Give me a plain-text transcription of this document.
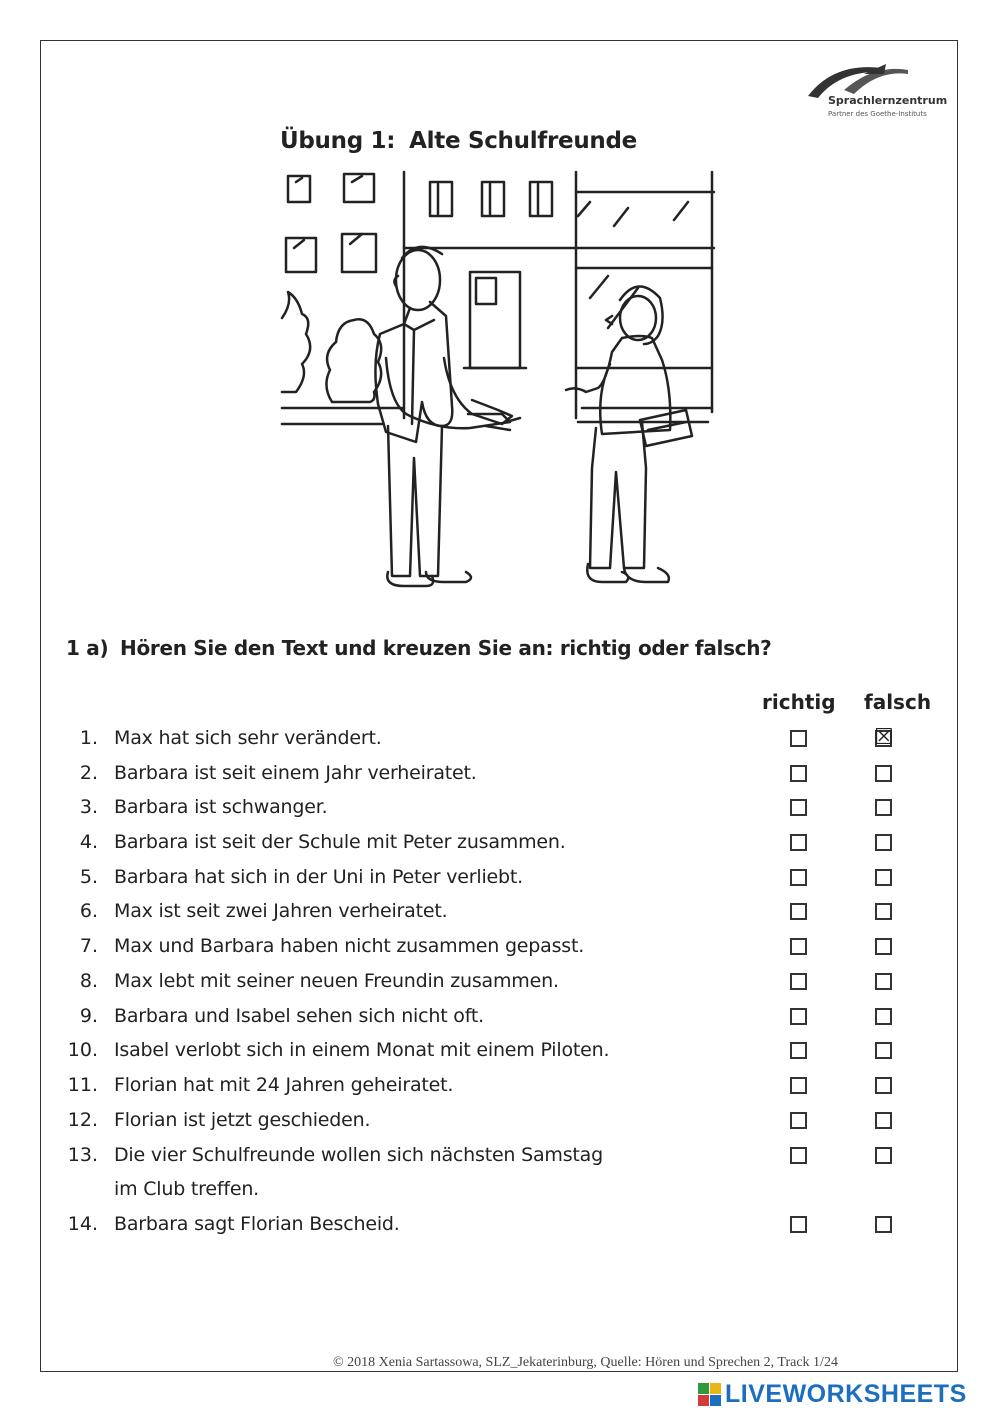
Sprachlernzentrum
Partner des Goethe-Instituts
Übung 1: Alte Schulfreunde
1 a) Hören Sie den Text und kreuzen Sie an: richtig oder falsch?
richtig falsch
1. Max hat sich sehr verändert.	☒
2. Barbara ist seit einem Jahr verheiratet.
3. Barbara ist schwanger.
4. Barbara ist seit der Schule mit Peter zusammen.
5. Barbara hat sich in der Uni in Peter verliebt.
6. Max ist seit zwei Jahren verheiratet.
7. Max und Barbara haben nicht zusammen gepasst.
8. Max lebt mit seiner neuen Freundin zusammen.
9. Barbara und Isabel sehen sich nicht oft.
10. Isabel verlobt sich in einem Monat mit einem Piloten.
11. Florian hat mit 24 Jahren geheiratet.
12. Florian ist jetzt geschieden.
13. Die vier Schulfreunde wollen sich nächsten Samstag
im Club treffen.
14. Barbara sagt Florian Bescheid.
© 2018 Xenia Sartassowa, SLZ_Jekaterinburg, Quelle: Hören und Sprechen 2, Track 1/24
LIVEWORKSHEETS
